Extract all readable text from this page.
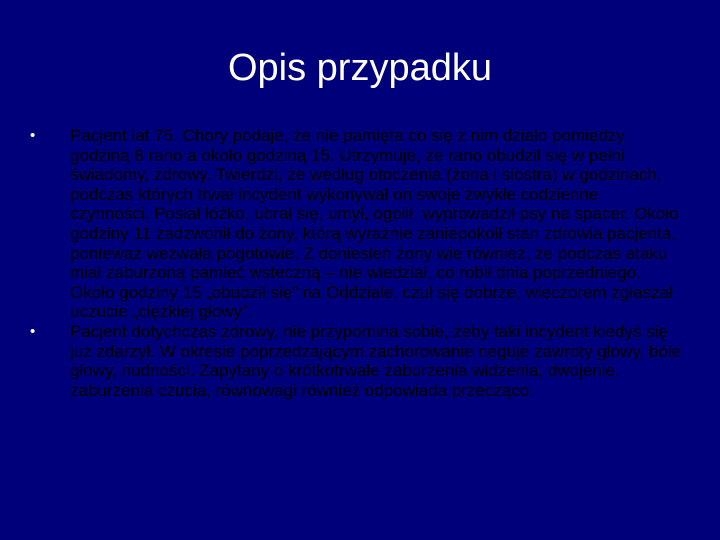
Opis przypadku
• Pacjent lat 75. Chory podaje, że nie pamięta co się z nim działo pomiędzy godziną 8 rano a około godziną 15. Utrzymuje, że rano obudził się w pełni świadomy, zdrowy. Twierdzi, że według otoczenia (żona i siostra) w godzinach, podczas których trwał incydent wykonywał on swoje zwykłe codzienne czynności. Posłał łóżko, ubrał się, umył, ogolił, wyprowadził psy na spacer. Około godziny 11 zadzwonił do żony, którą wyraźnie zaniepokoił stan zdrowia pacjenta, ponieważ wezwała pogotowie. Z doniesień żony wie również, że podczas ataku miał zaburzoną pamięć wsteczną – nie wiedział, co robił dnia poprzedniego. Około godziny 15 „obudził się” na Oddziale, czuł się dobrze, wieczorem zgłaszał uczucie „ciężkiej głowy”.
• Pacjent dotychczas zdrowy, nie przypomina sobie, żeby taki incydent kiedyś się już zdarzył. W okresie poprzedzającym zachorowanie neguje zawroty głowy, bóle głowy, nudności. Zapytany o krótkotrwałe zaburzenia widzenia, dwojenie, zaburzenia czucia, równowagi również odpowiada przecząco.
